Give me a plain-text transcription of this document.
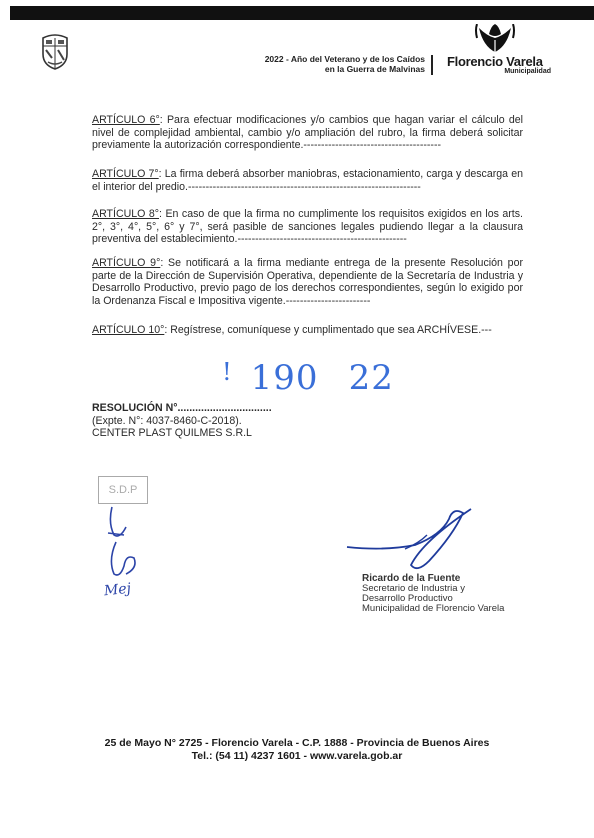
2022 - Año del Veterano y de los Caídos
en la Guerra de Malvinas Florencio Varela
Municipalidad
ARTÍCULO 6°: Para efectuar modificaciones y/o cambios que hagan variar el cálculo del nivel de complejidad ambiental, cambio y/o ampliación del rubro, la firma deberá solicitar previamente la autorización correspondiente.---------------------------------------
ARTÍCULO 7°: La firma deberá absorber maniobras, estacionamiento, carga y descarga en el interior del predio.------------------------------------------------------------------
ARTÍCULO 8°: En caso de que la firma no cumplimente los requisitos exigidos en los arts. 2°, 3°, 4°, 5°, 6° y 7°, será pasible de sanciones legales pudiendo llegar a la clausura preventiva del establecimiento.------------------------------------------------
ARTÍCULO 9°: Se notificará a la firma mediante entrega de la presente Resolución por parte de la Dirección de Supervisión Operativa, dependiente de la Secretaría de Industria y Desarrollo Productivo, previo pago de los derechos correspondientes, según lo exigido por la Ordenanza Fiscal e Impositiva vigente.------------------------
ARTÍCULO 10°: Regístrese, comuníquese y cumplimentado que sea ARCHÍVESE.---
! 190 22
RESOLUCIÓN N°................................
(Expte. N°: 4037-8460-C-2018).
CENTER PLAST QUILMES S.R.L
S.D.P
Mej
Ricardo de la Fuente
Secretario de Industria y
Desarrollo Productivo
Municipalidad de Florencio Varela
25 de Mayo N° 2725 - Florencio Varela - C.P. 1888 - Provincia de Buenos Aires
Tel.: (54 11) 4237 1601 - www.varela.gob.ar
